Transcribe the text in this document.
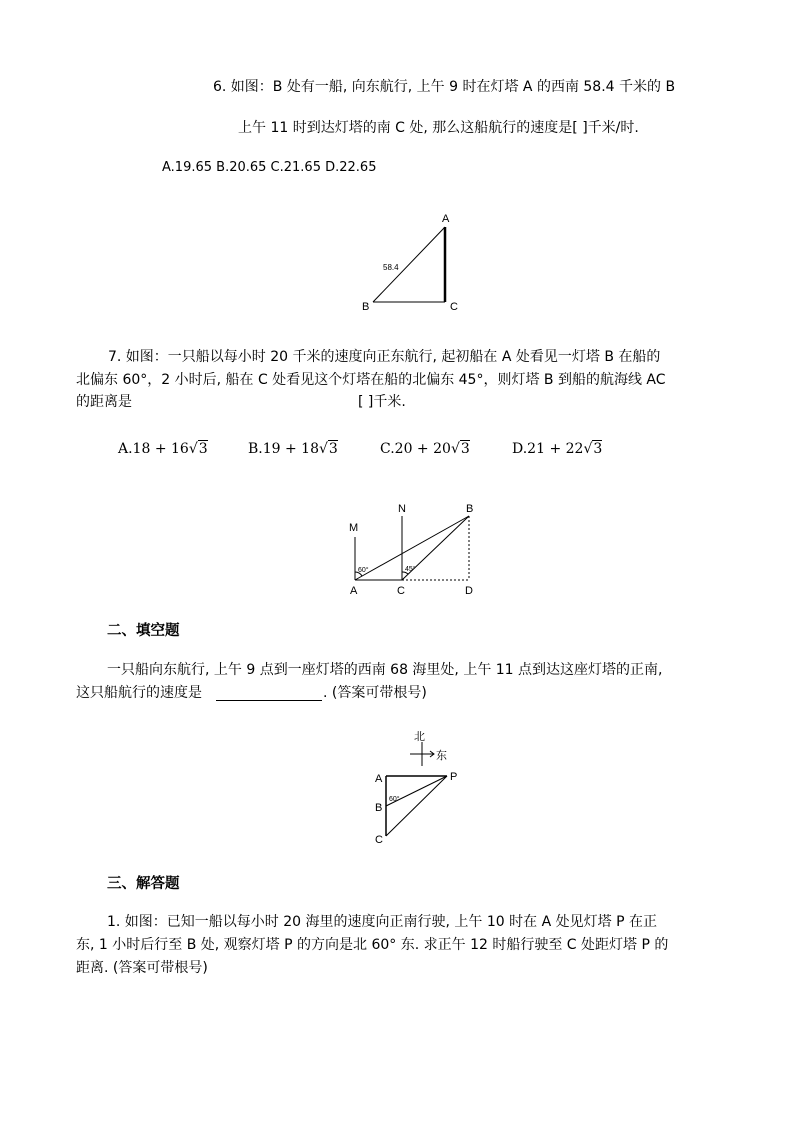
6. 如图：B 处有一船, 向东航行, 上午 9 时在灯塔 A 的西南 58.4 千米的 B
上午 11 时到达灯塔的南 C 处, 那么这船航行的速度是[ ]千米/时.
A.19.65 B.20.65 C.21.65 D.22.65
A
B	C
58.4
7. 如图：一只船以每小时 20 千米的速度向正东航行, 起初船在 A 处看见一灯塔 B 在船的
北偏东 60°，2 小时后, 船在 C 处看见这个灯塔在船的北偏东 45°，则灯塔 B 到船的航海线 AC
的距离是	[ ]千米.
A.18 + 16√3	B.19 + 18√3	C.20 + 20√3	D.21 + 22√3
M
N	B
A	C	D
60°	45°
二、填空题
一只船向东航行, 上午 9 点到一座灯塔的西南 68 海里处, 上午 11 点到达这座灯塔的正南,
这只船航行的速度是	. (答案可带根号)
北
东
A
B
C
P
60°
三、解答题
1. 如图：已知一船以每小时 20 海里的速度向正南行驶, 上午 10 时在 A 处见灯塔 P 在正
东, 1 小时后行至 B 处, 观察灯塔 P 的方向是北 60° 东. 求正午 12 时船行驶至 C 处距灯塔 P 的
距离. (答案可带根号)
